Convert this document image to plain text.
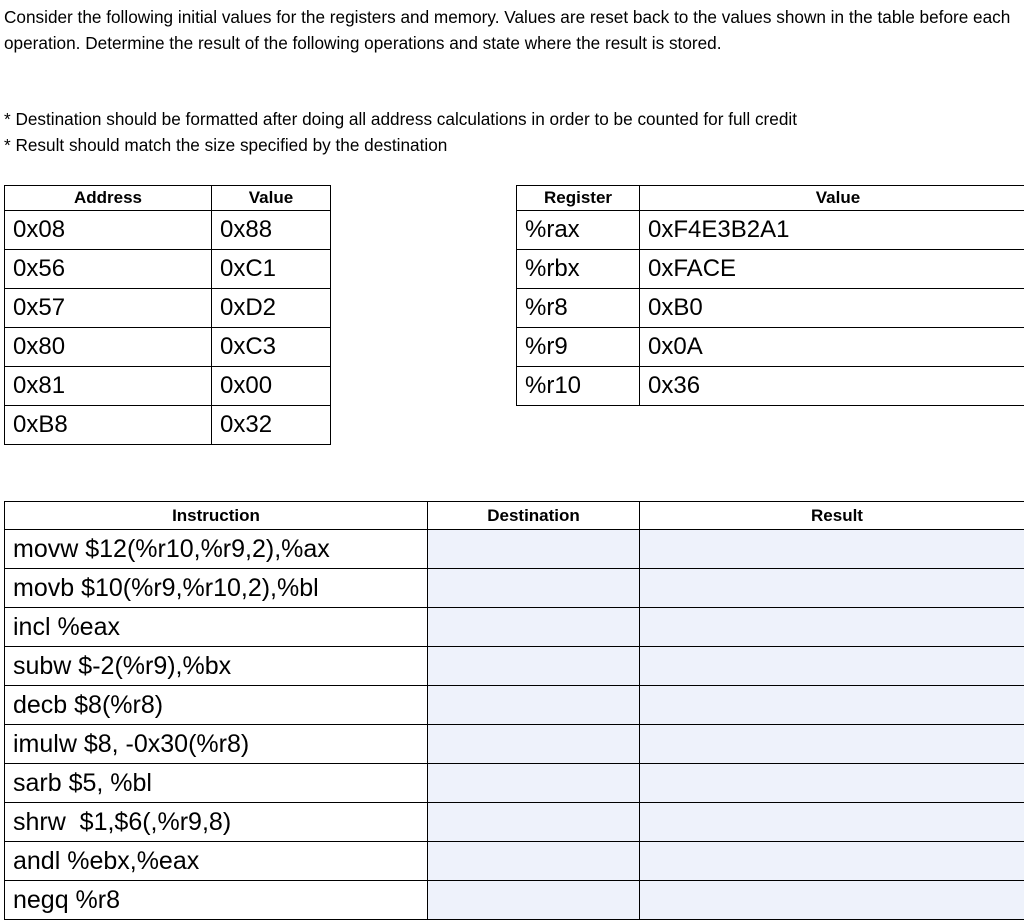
Consider the following initial values for the registers and memory. Values are reset back to the values shown in the table before each operation. Determine the result of the following operations and state where the result is stored.

* Destination should be formatted after doing all address calculations in order to be counted for full credit
* Result should match the size specified by the destination
Address	Value
0x08	0x88
0x56	0xC1
0x57	0xD2
0x80	0xC3
0x81	0x00
0xB8	0x32
Register	Value
%rax	0xF4E3B2A1
%rbx	0xFACE
%r8	0xB0
%r9	0x0A
%r10	0x36
Instruction	Destination	Result
movw $12(%r10,%r9,2),%ax		
movb $10(%r9,%r10,2),%bl		
incl %eax		
subw $-2(%r9),%bx		
decb $8(%r8)		
imulw $8, -0x30(%r8)		
sarb $5, %bl		
shrw  $1,$6(,%r9,8)		
andl %ebx,%eax		
negq %r8		
